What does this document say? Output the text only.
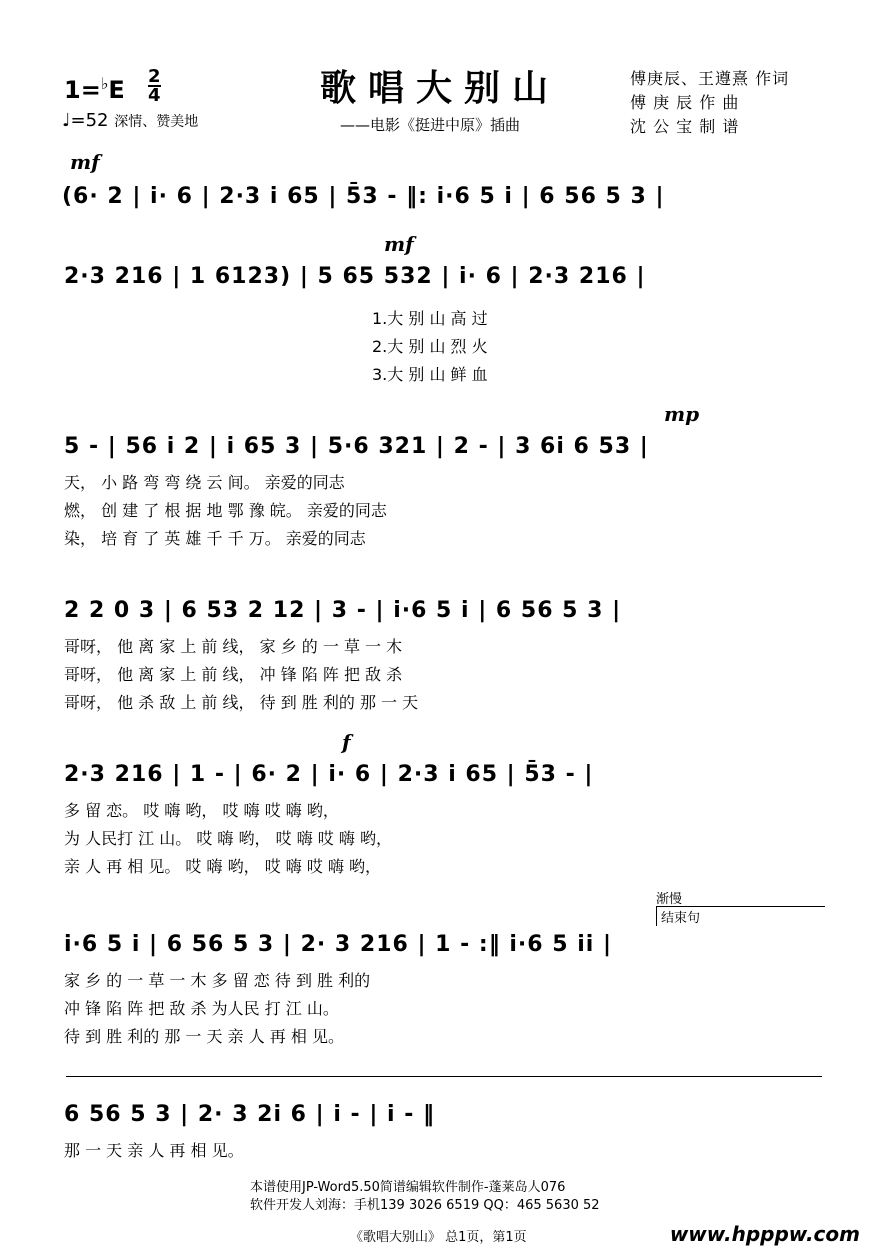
1=♭E 2
4
♩=52 深情、赞美地
歌唱大别山
——电影《挺进中原》插曲
傅庚辰、王遵熹 作词
傅 庚 辰 作 曲
沈 公 宝 制 谱
mf
mf
mp
f
(6· 2 | i· 6 | 2·3 i 65 | 5̄3 - ‖: i·6 5 i | 6 56 5 3 |
2·3 216 | 1 6123) | 5 65 532 | i· 6 | 2·3 216 |
1.大 别 山 高 过
2.大 别 山 烈 火
3.大 别 山 鲜 血
5 - | 56 i 2 | i 65 3 | 5·6 321 | 2 - | 3 6i 6 53 |
天， 小 路 弯 弯 绕 云 间。 亲爱的同志
燃， 创 建 了 根 据 地 鄂 豫 皖。 亲爱的同志
染， 培 育 了 英 雄 千 千 万。 亲爱的同志
2 2 0 3 | 6 53 2 12 | 3 - | i·6 5 i | 6 56 5 3 |
哥呀， 他 离 家 上 前 线， 家 乡 的 一 草 一 木
哥呀， 他 离 家 上 前 线， 冲 锋 陷 阵 把 敌 杀
哥呀， 他 杀 敌 上 前 线， 待 到 胜 利的 那 一 天
2·3 216 | 1 - | 6· 2 | i· 6 | 2·3 i 65 | 5̄3 - |
多 留 恋。 哎 嗨 哟， 哎 嗨 哎 嗨 哟，
为 人民打 江 山。 哎 嗨 哟， 哎 嗨 哎 嗨 哟，
亲 人 再 相 见。 哎 嗨 哟， 哎 嗨 哎 嗨 哟，
渐慢
结束句
i·6 5 i | 6 56 5 3 | 2· 3 216 | 1 - :‖ i·6 5 ii |
家 乡 的 一 草 一 木 多 留 恋 待 到 胜 利的
冲 锋 陷 阵 把 敌 杀 为人民 打 江 山。
待 到 胜 利的 那 一 天 亲 人 再 相 见。
6 56 5 3 | 2· 3 2i 6 | i - | i - ‖
那 一 天 亲 人 再 相 见。
本谱使用JP-Word5.50简谱编辑软件制作-蓬莱岛人076
软件开发人刘海：手机139 3026 6519 QQ：465 5630 52
《歌唱大别山》 总1页，第1页	www.hpppw.com
